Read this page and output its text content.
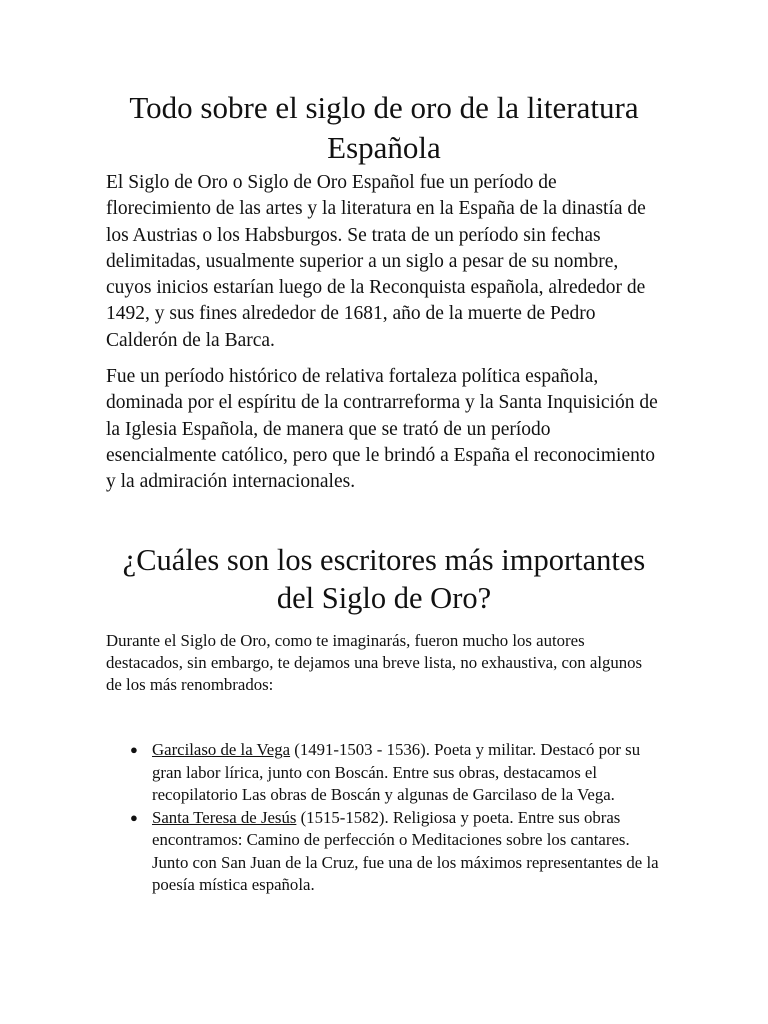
Todo sobre el siglo de oro de la literatura Española

El Siglo de Oro o Siglo de Oro Español fue un período de florecimiento de las artes y la literatura en la España de la dinastía de los Austrias o los Habsburgos. Se trata de un período sin fechas delimitadas, usualmente superior a un siglo a pesar de su nombre, cuyos inicios estarían luego de la Reconquista española, alrededor de 1492, y sus fines alrededor de 1681, año de la muerte de Pedro Calderón de la Barca.

Fue un período histórico de relativa fortaleza política española, dominada por el espíritu de la contrarreforma y la Santa Inquisición de la Iglesia Española, de manera que se trató de un período esencialmente católico, pero que le brindó a España el reconocimiento y la admiración internacionales.

¿Cuáles son los escritores más importantes del Siglo de Oro?

Durante el Siglo de Oro, como te imaginarás, fueron mucho los autores destacados, sin embargo, te dejamos una breve lista, no exhaustiva, con algunos de los más renombrados:

● Garcilaso de la Vega (1491-1503 - 1536). Poeta y militar. Destacó por su gran labor lírica, junto con Boscán. Entre sus obras, destacamos el recopilatorio Las obras de Boscán y algunas de Garcilaso de la Vega.
● Santa Teresa de Jesús (1515-1582). Religiosa y poeta. Entre sus obras encontramos: Camino de perfección o Meditaciones sobre los cantares. Junto con San Juan de la Cruz, fue una de los máximos representantes de la poesía mística española.
